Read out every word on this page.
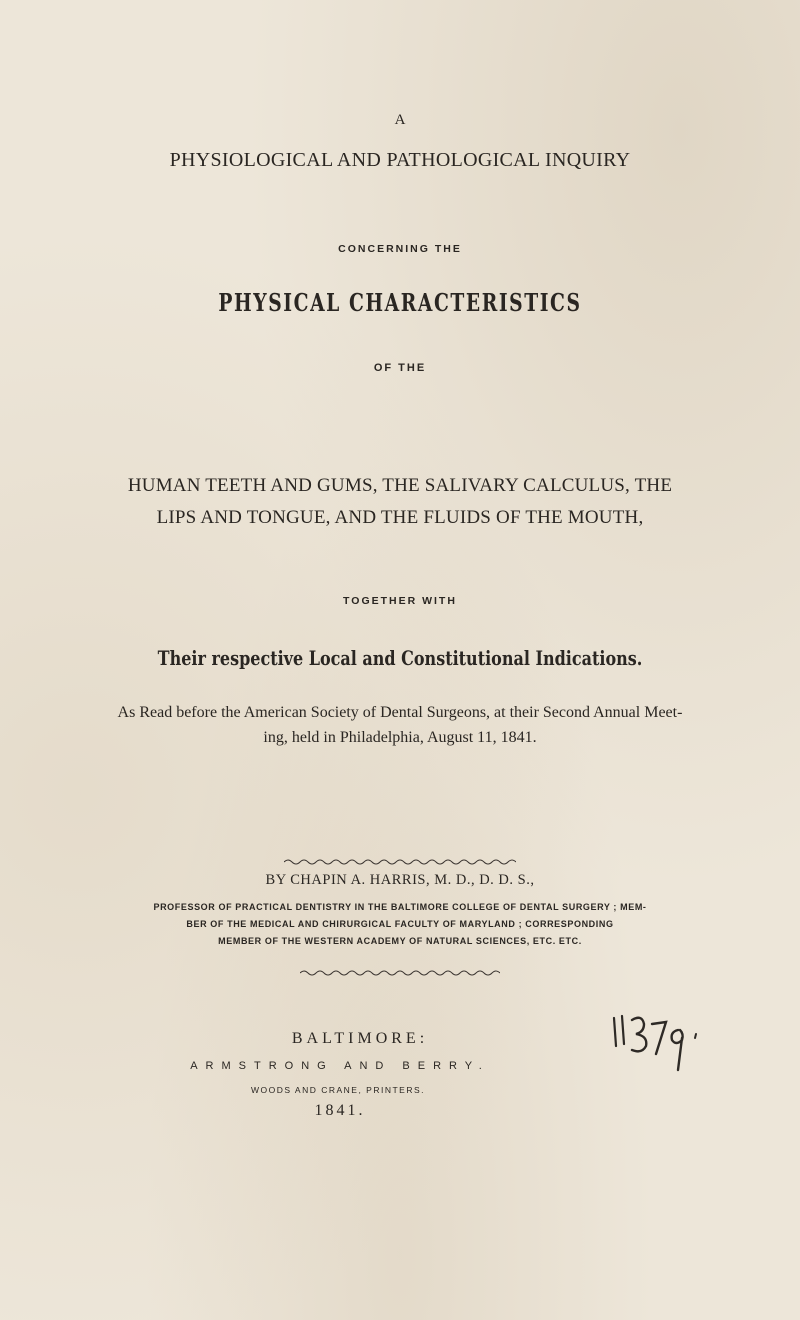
A
PHYSIOLOGICAL AND PATHOLOGICAL INQUIRY
CONCERNING THE
PHYSICAL CHARACTERISTICS
OF THE
HUMAN TEETH AND GUMS, THE SALIVARY CALCULUS, THE
LIPS AND TONGUE, AND THE FLUIDS OF THE MOUTH,
TOGETHER WITH
Their respective Local and Constitutional Indications.
As Read before the American Society of Dental Surgeons, at their Second Annual Meet-
ing, held in Philadelphia, August 11, 1841.
BY CHAPIN A. HARRIS, M. D., D. D. S.,
PROFESSOR OF PRACTICAL DENTISTRY IN THE BALTIMORE COLLEGE OF DENTAL SURGERY ; MEM-
BER OF THE MEDICAL AND CHIRURGICAL FACULTY OF MARYLAND ; CORRESPONDING
MEMBER OF THE WESTERN ACADEMY OF NATURAL SCIENCES, ETC. ETC.
BALTIMORE:
ARMSTRONG AND BERRY.
WOODS AND CRANE, PRINTERS.
1841.
